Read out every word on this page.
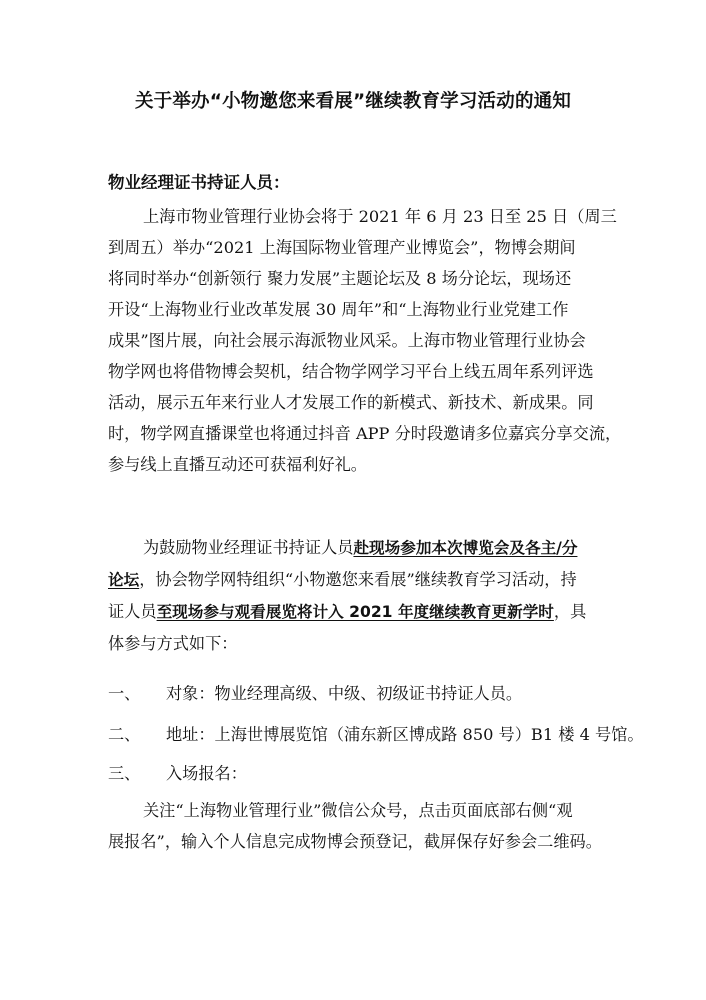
关于举办“小物邀您来看展”继续教育学习活动的通知
物业经理证书持证人员：
上海市物业管理行业协会将于 2021 年 6 月 23 日至 25 日（周三
到周五）举办“2021 上海国际物业管理产业博览会”，物博会期间
将同时举办“创新领行 聚力发展”主题论坛及 8 场分论坛，现场还
开设“上海物业行业改革发展 30 周年”和“上海物业行业党建工作
成果”图片展，向社会展示海派物业风采。上海市物业管理行业协会
物学网也将借物博会契机，结合物学网学习平台上线五周年系列评选
活动，展示五年来行业人才发展工作的新模式、新技术、新成果。同
时，物学网直播课堂也将通过抖音 APP 分时段邀请多位嘉宾分享交流，
参与线上直播互动还可获福利好礼。
为鼓励物业经理证书持证人员赴现场参加本次博览会及各主/分
论坛，协会物学网特组织“小物邀您来看展”继续教育学习活动，持
证人员至现场参与观看展览将计入 2021 年度继续教育更新学时，具
体参与方式如下：
一、 对象：物业经理高级、中级、初级证书持证人员。
二、 地址：上海世博展览馆（浦东新区博成路 850 号）B1 楼 4 号馆。
三、 入场报名：
关注“上海物业管理行业”微信公众号，点击页面底部右侧“观
展报名”，输入个人信息完成物博会预登记，截屏保存好参会二维码。
